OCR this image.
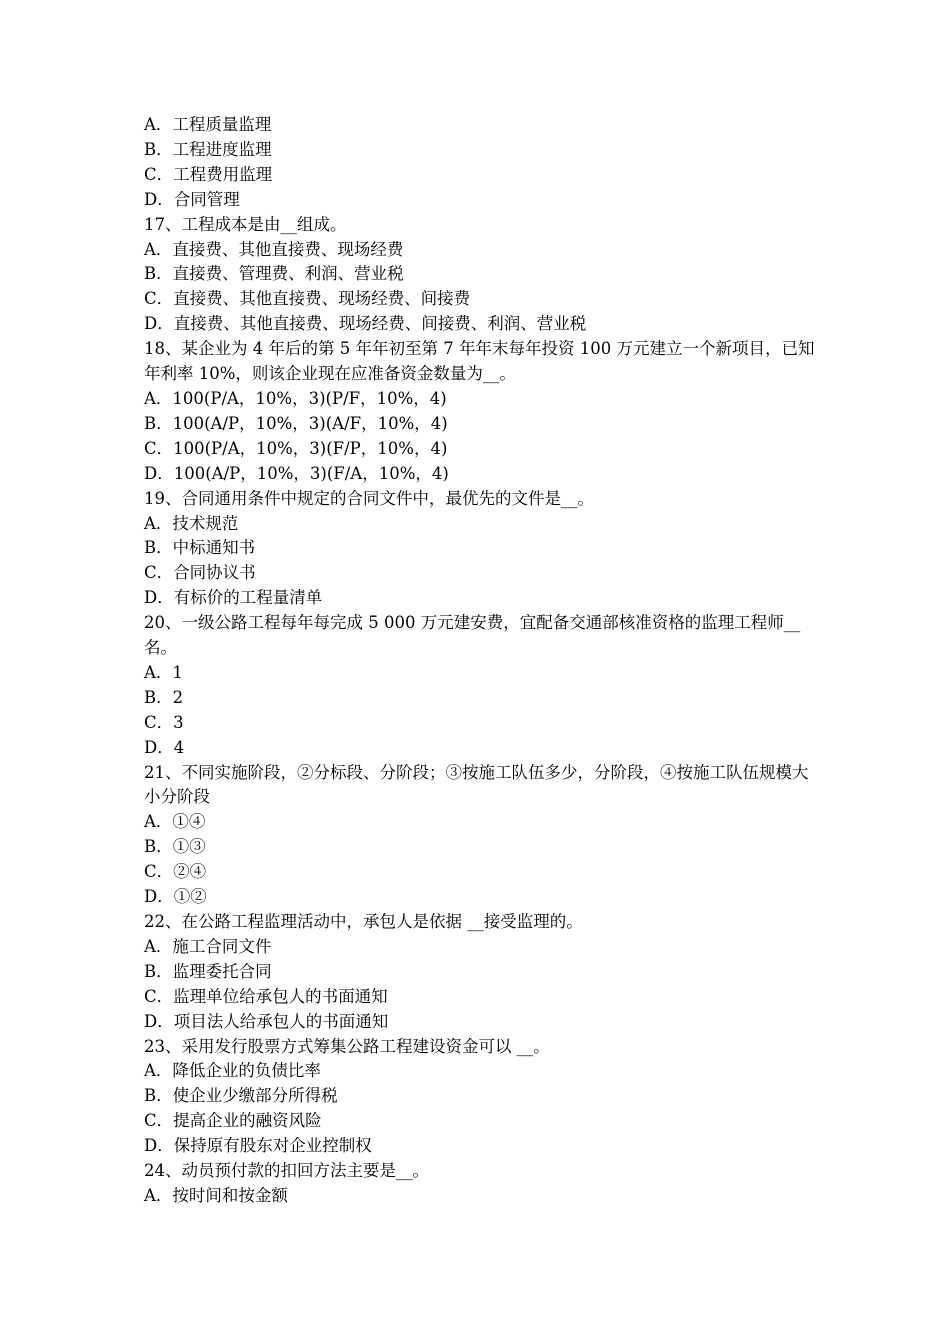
A．工程质量监理

B．工程进度监理

C．工程费用监理

D．合同管理

17、工程成本是由__组成。

A．直接费、其他直接费、现场经费

B．直接费、管理费、利润、营业税

C．直接费、其他直接费、现场经费、间接费

D．直接费、其他直接费、现场经费、间接费、利润、营业税

18、某企业为 4 年后的第 5 年年初至第 7 年年末每年投资 100 万元建立一个新项目，已知年利率 10%，则该企业现在应准备资金数量为__。

A．100(P/A，10%，3)(P/F，10%，4)

B．100(A/P，10%，3)(A/F，10%，4)

C．100(P/A，10%，3)(F/P，10%，4)

D．100(A/P，10%，3)(F/A，10%，4)

19、合同通用条件中规定的合同文件中，最优先的文件是__。

A．技术规范

B．中标通知书

C．合同协议书

D．有标价的工程量清单

20、一级公路工程每年每完成 5 000 万元建安费，宜配备交通部核准资格的监理工程师__名。

A．1

B．2

C．3

D．4

21、不同实施阶段，②分标段、分阶段；③按施工队伍多少，分阶段，④按施工队伍规模大小分阶段

A．①④

B．①③

C．②④

D．①②

22、在公路工程监理活动中，承包人是依据 __接受监理的。

A．施工合同文件

B．监理委托合同

C．监理单位给承包人的书面通知

D．项目法人给承包人的书面通知

23、采用发行股票方式筹集公路工程建设资金可以 __。

A．降低企业的负债比率

B．使企业少缴部分所得税

C．提高企业的融资风险

D．保持原有股东对企业控制权

24、动员预付款的扣回方法主要是__。

A．按时间和按金额
